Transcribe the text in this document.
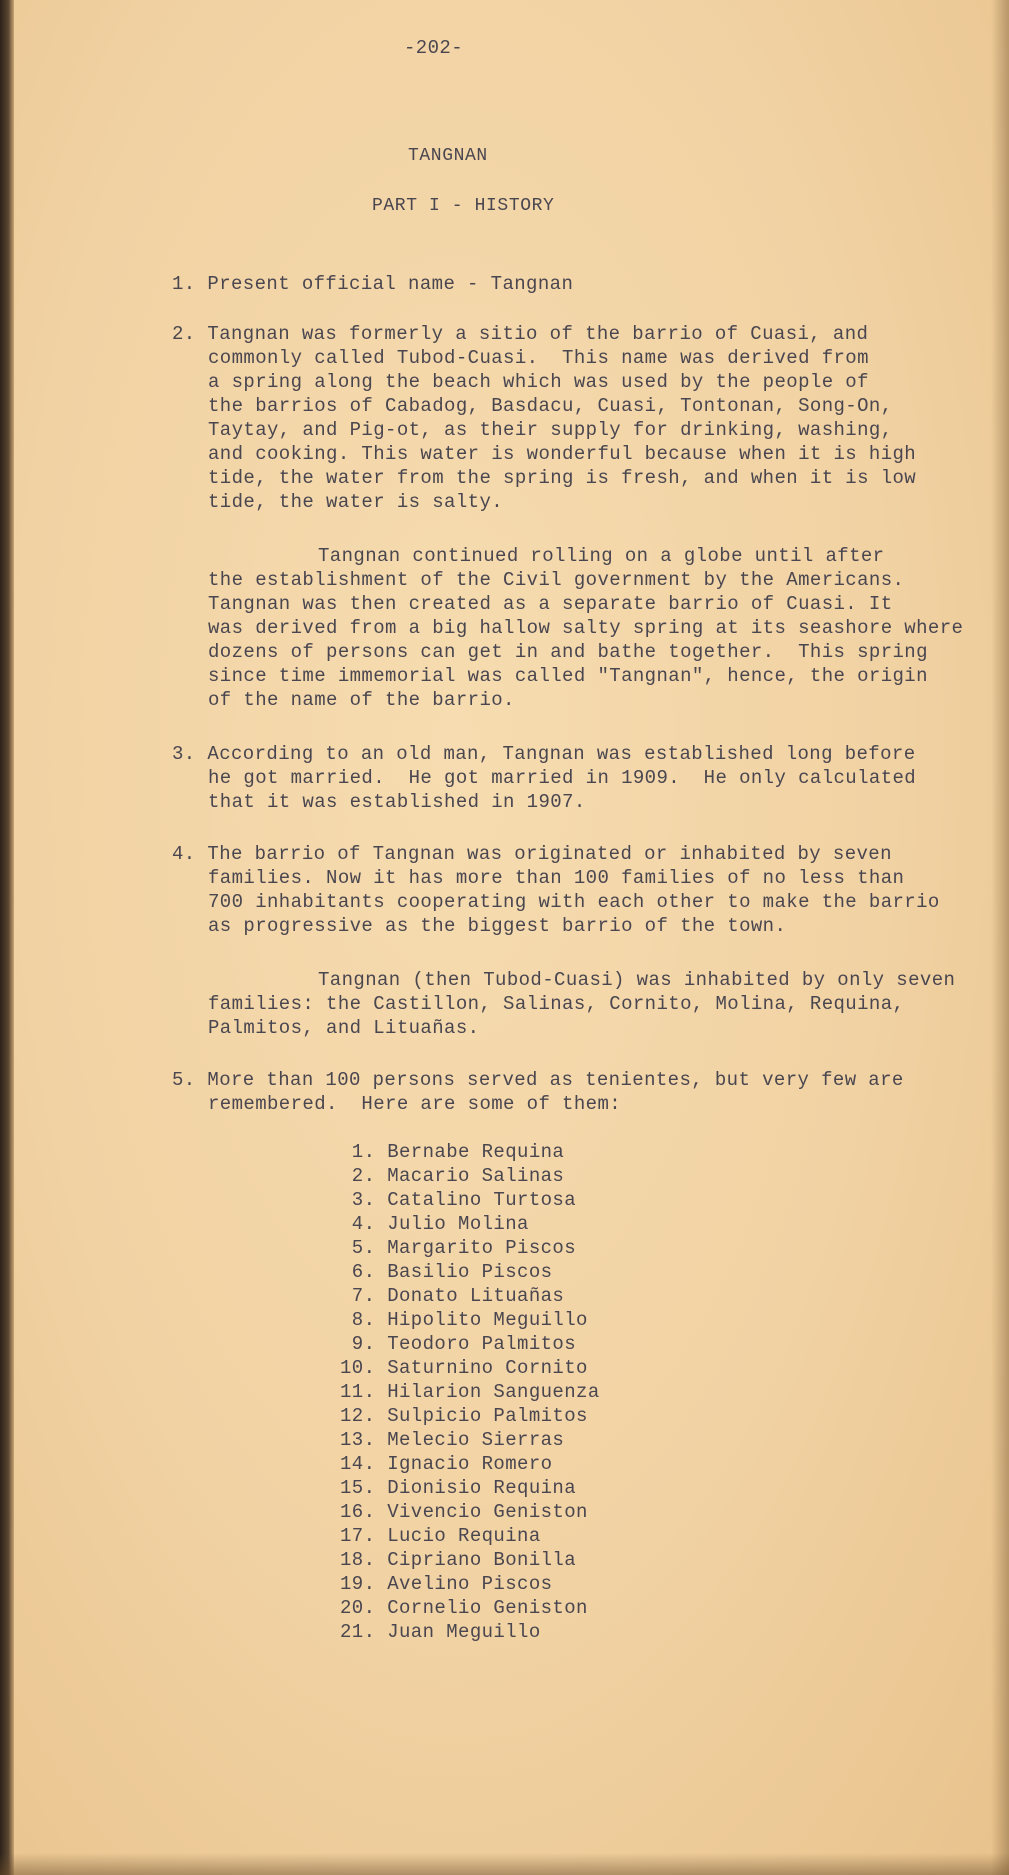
-202-
TANGNAN
PART I - HISTORY
1. Present official name - Tangnan
2. Tangnan was formerly a sitio of the barrio of Cuasi, and
commonly called Tubod-Cuasi.  This name was derived from
a spring along the beach which was used by the people of
the barrios of Cabadog, Basdacu, Cuasi, Tontonan, Song-On,
Taytay, and Pig-ot, as their supply for drinking, washing,
and cooking. This water is wonderful because when it is high
tide, the water from the spring is fresh, and when it is low
tide, the water is salty.
Tangnan continued rolling on a globe until after
the establishment of the Civil government by the Americans.
Tangnan was then created as a separate barrio of Cuasi. It
was derived from a big hallow salty spring at its seashore where
dozens of persons can get in and bathe together.  This spring
since time immemorial was called "Tangnan", hence, the origin
of the name of the barrio.
3. According to an old man, Tangnan was established long before
he got married.  He got married in 1909.  He only calculated
that it was established in 1907.
4. The barrio of Tangnan was originated or inhabited by seven
families. Now it has more than 100 families of no less than
700 inhabitants cooperating with each other to make the barrio
as progressive as the biggest barrio of the town.
Tangnan (then Tubod-Cuasi) was inhabited by only seven
families: the Castillon, Salinas, Cornito, Molina, Requina,
Palmitos, and Lituañas.
5. More than 100 persons served as tenientes, but very few are
remembered.  Here are some of them:
1. Bernabe Requina
2. Macario Salinas
3. Catalino Turtosa
4. Julio Molina
5. Margarito Piscos
6. Basilio Piscos
7. Donato Lituañas
8. Hipolito Meguillo
9. Teodoro Palmitos
10. Saturnino Cornito
11. Hilarion Sanguenza
12. Sulpicio Palmitos
13. Melecio Sierras
14. Ignacio Romero
15. Dionisio Requina
16. Vivencio Geniston
17. Lucio Requina
18. Cipriano Bonilla
19. Avelino Piscos
20. Cornelio Geniston
21. Juan Meguillo
